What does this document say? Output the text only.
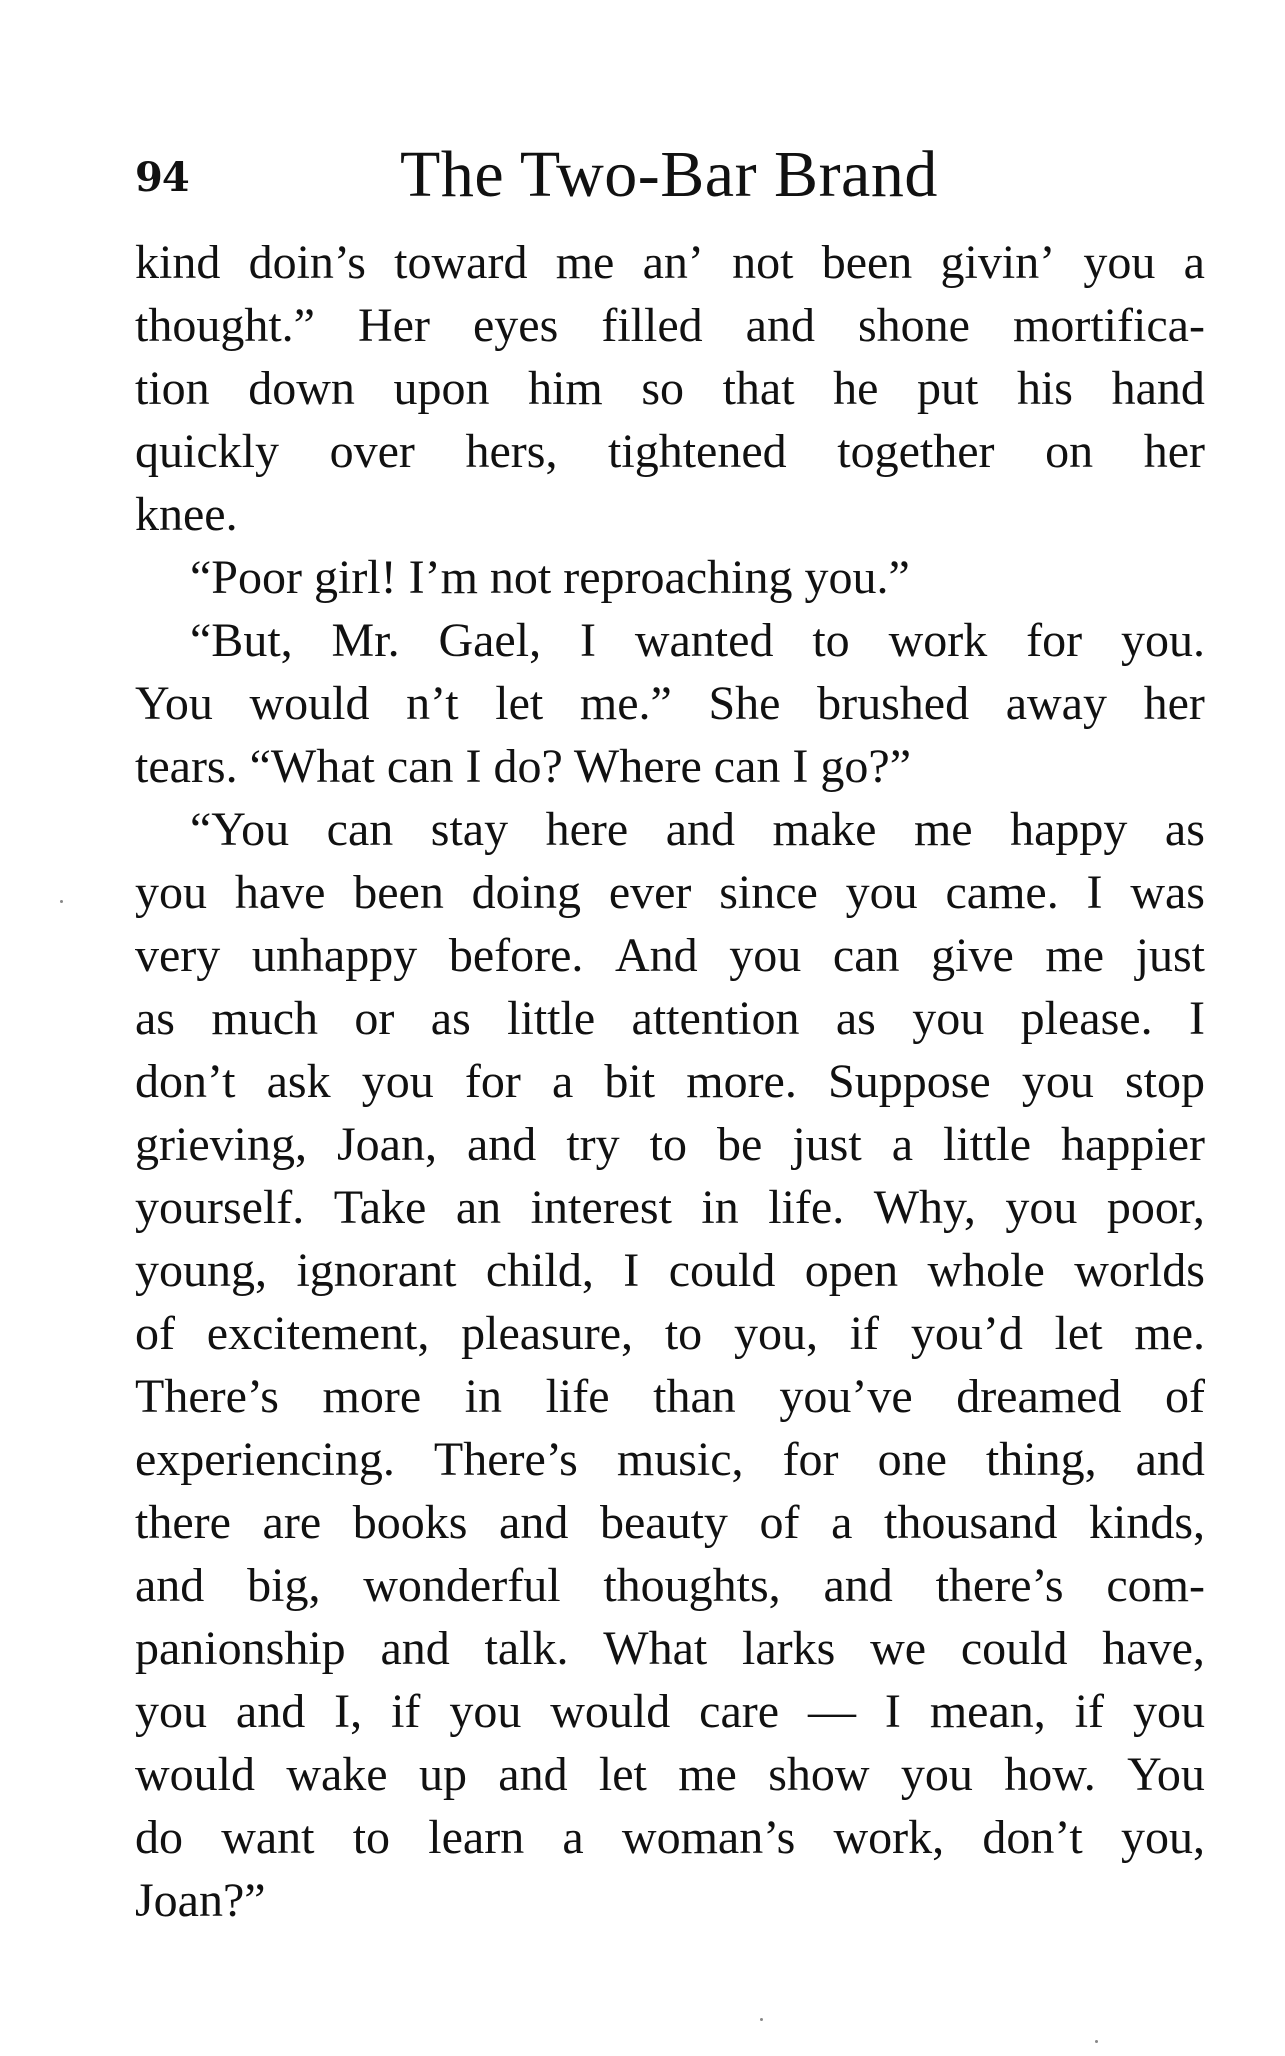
94	The Two-Bar Brand
kind doin’s toward me an’ not been givin’ you a
thought.” Her eyes filled and shone mortifica-
tion down upon him so that he put his hand
quickly over hers, tightened together on her
knee.
“Poor girl! I’m not reproaching you.”
“But, Mr. Gael, I wanted to work for you.
You would n’t let me.” She brushed away her
tears. “What can I do? Where can I go?”
“You can stay here and make me happy as
you have been doing ever since you came. I was
very unhappy before. And you can give me just
as much or as little attention as you please. I
don’t ask you for a bit more. Suppose you stop
grieving, Joan, and try to be just a little happier
yourself. Take an interest in life. Why, you poor,
young, ignorant child, I could open whole worlds
of excitement, pleasure, to you, if you’d let me.
There’s more in life than you’ve dreamed of
experiencing. There’s music, for one thing, and
there are books and beauty of a thousand kinds,
and big, wonderful thoughts, and there’s com-
panionship and talk. What larks we could have,
you and I, if you would care — I mean, if you
would wake up and let me show you how. You
do want to learn a woman’s work, don’t you,
Joan?”
